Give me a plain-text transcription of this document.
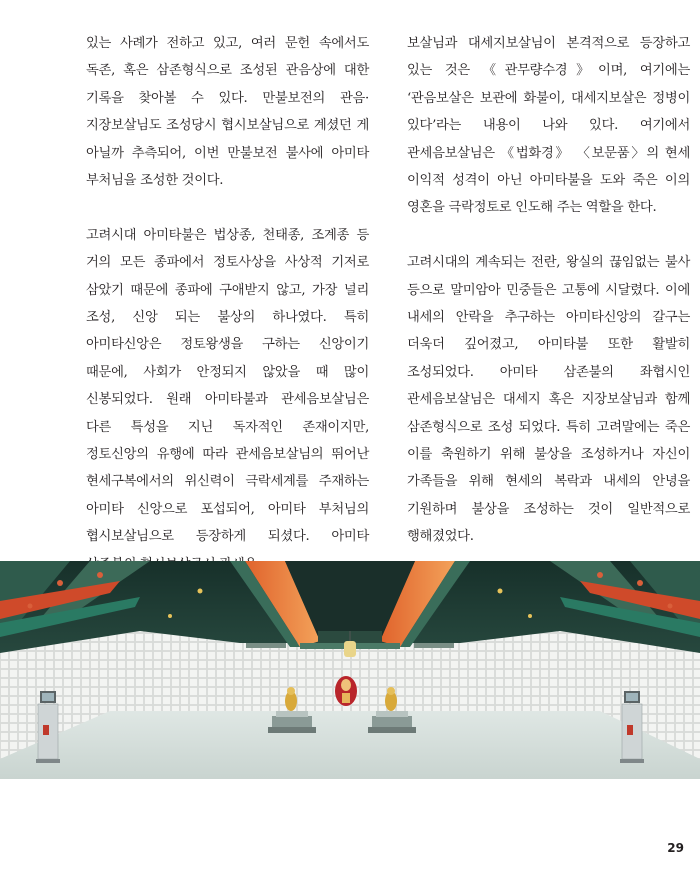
있는 사례가 전하고 있고, 여러 문헌 속에서도 독존, 혹은 삼존형식으로 조성된 관음상에 대한 기록을 찾아볼 수 있다. 만불보전의 관음·지장보살님도 조성당시 협시보살님으로 계셨던 게 아닐까 추측되어, 이번 만불보전 불사에 아미타 부처님을 조성한 것이다.

고려시대 아미타불은 법상종, 천태종, 조계종 등 거의 모든 종파에서 정토사상을 사상적 기저로 삼았기 때문에 종파에 구애받지 않고, 가장 널리 조성, 신앙 되는 불상의 하나였다. 특히 아미타신앙은 정토왕생을 구하는 신앙이기 때문에, 사회가 안정되지 않았을 때 많이 신봉되었다. 원래 아미타불과 관세음보살님은 다른 특성을 지닌 독자적인 존재이지만, 정토신앙의 유행에 따라 관세음보살님의 뛰어난 현세구복에서의 위신력이 극락세계를 주재하는 아미타 신앙으로 포섭되어, 아미타 부처님의 협시보살님으로 등장하게 되셨다. 아미타

보살님과 대세지보살님이 본격적으로 등장하고 있는 것은 《관무량수경》이며, 여기에는 ‘관음보살은 보관에 화불이, 대세지보살은 정병이 있다’라는 내용이 나와 있다. 여기에서 관세음보살님은 《법화경》 〈보문품〉의 현세 이익적 성격이 아닌 아미타불을 도와 죽은 이의 영혼을 극락정토로 인도해 주는 역할을 한다.

고려시대의 계속되는 전란, 왕실의 끊임없는 불사 등으로 말미암아 민중들은 고통에 시달렸다. 이에 내세의 안락을 추구하는 아미타신앙의 갈구는 더욱더 깊어졌고, 아미타불 또한 활발히 조성되었다. 아미타 삼존불의 좌협시인 관세음보살님은 대세지 혹은 지장보살님과 함께 삼존형식으로 조성 되었다. 특히 고려말에는 죽은 이를 축원하기 위해 불상을 조성하거나 자신이 가족들을 위해 현세의 복락과 내세의 안녕을 기원하며 불상을 조성하는 것이 일반적으로 행해졌었다.

29
